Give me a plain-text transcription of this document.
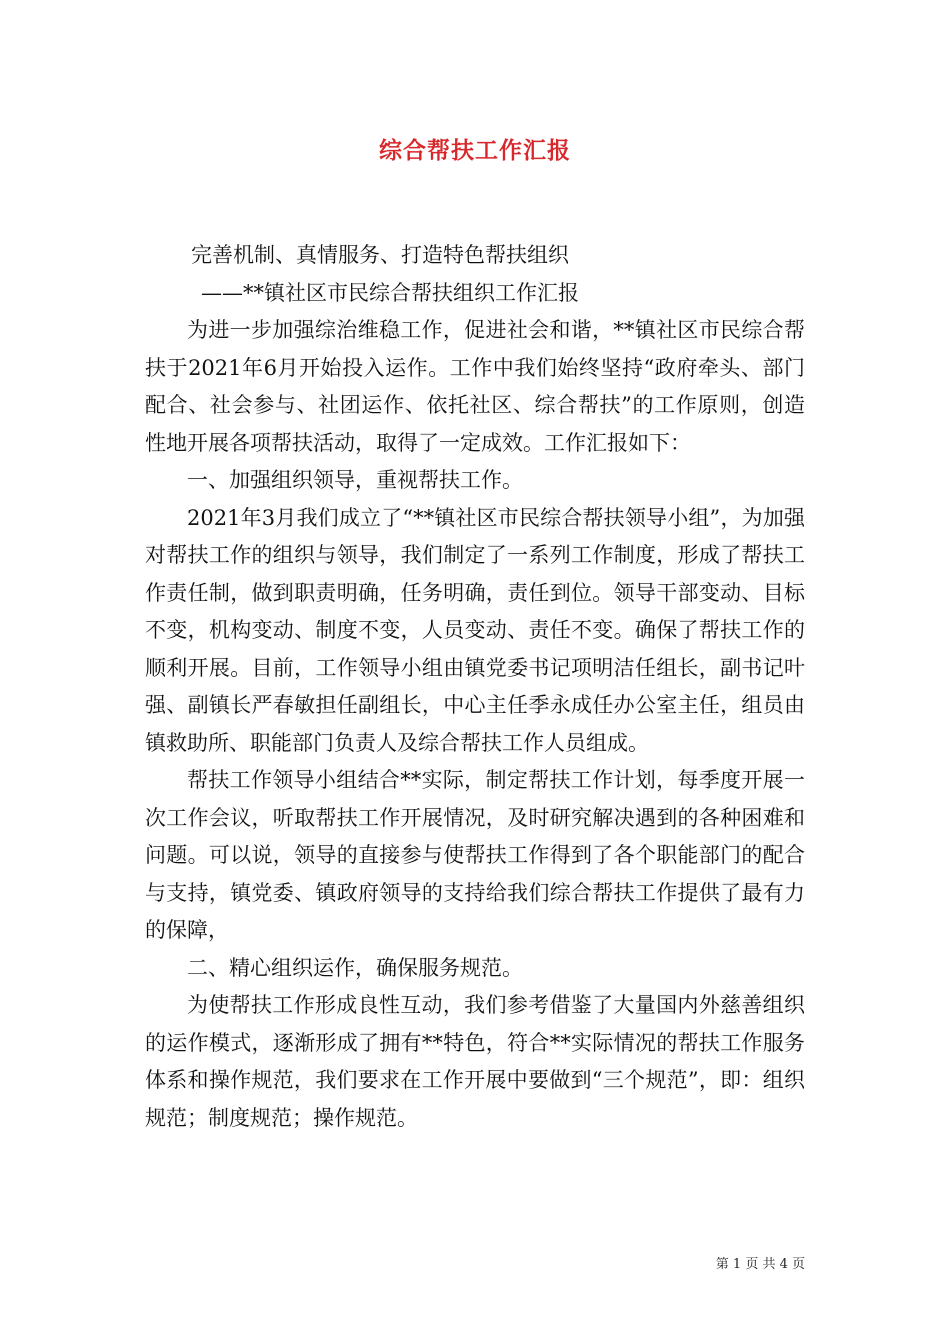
综合帮扶工作汇报

完善机制、真情服务、打造特色帮扶组织

——**镇社区市民综合帮扶组织工作汇报

为进一步加强综治维稳工作，促进社会和谐，**镇社区市民综合帮扶于2021年6月开始投入运作。工作中我们始终坚持“政府牵头、部门配合、社会参与、社团运作、依托社区、综合帮扶”的工作原则，创造性地开展各项帮扶活动，取得了一定成效。工作汇报如下：

一、加强组织领导，重视帮扶工作。

2021年3月我们成立了“**镇社区市民综合帮扶领导小组”，为加强对帮扶工作的组织与领导，我们制定了一系列工作制度，形成了帮扶工作责任制，做到职责明确，任务明确，责任到位。领导干部变动、目标不变，机构变动、制度不变，人员变动、责任不变。确保了帮扶工作的顺利开展。目前，工作领导小组由镇党委书记项明洁任组长，副书记叶强、副镇长严春敏担任副组长，中心主任季永成任办公室主任，组员由镇救助所、职能部门负责人及综合帮扶工作人员组成。

帮扶工作领导小组结合**实际，制定帮扶工作计划，每季度开展一次工作会议，听取帮扶工作开展情况，及时研究解决遇到的各种困难和问题。可以说，领导的直接参与使帮扶工作得到了各个职能部门的配合与支持，镇党委、镇政府领导的支持给我们综合帮扶工作提供了最有力的保障，

二、精心组织运作，确保服务规范。

为使帮扶工作形成良性互动，我们参考借鉴了大量国内外慈善组织的运作模式，逐渐形成了拥有**特色，符合**实际情况的帮扶工作服务体系和操作规范，我们要求在工作开展中要做到“三个规范”，即：组织规范；制度规范；操作规范。

第 1 页 共 4 页
